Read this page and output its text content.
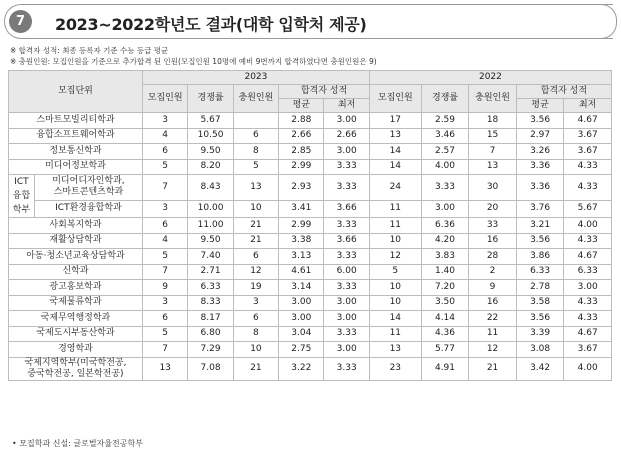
7	2023~2022학년도 결과(대학 입학처 제공)
※ 합격자 성적: 최종 등록자 기준 수능 등급 평균
※ 충원인원: 모집인원을 기준으로 추가합격 된 인원(모집인원 10명에 예비 9번까지 합격하였다면 충원인원은 9)
모집단위		2023					2022				
		모집인원	경쟁률	충원인원	합격자 성적		모집인원	경쟁률	충원인원	합격자 성적	
					평균	최저				평균	최저
스마트모빌리티학과		3	5.67		2.88	3.00	17	2.59	18	3.56	4.67
융합소프트웨어학과		4	10.50	6	2.66	2.66	13	3.46	15	2.97	3.67
정보통신학과		6	9.50	8	2.85	3.00	14	2.57	7	3.26	3.67
미디어정보학과		5	8.20	5	2.99	3.33	14	4.00	13	3.36	4.33
ICT
융합
학부	미디어디자인학과,
스마트콘텐츠학과	7	8.43	13	2.93	3.33	24	3.33	30	3.36	4.33
	ICT환경융합학과	3	10.00	10	3.41	3.66	11	3.00	20	3.76	5.67
사회복지학과		6	11.00	21	2.99	3.33	11	6.36	33	3.21	4.00
재활상담학과		4	9.50	21	3.38	3.66	10	4.20	16	3.56	4.33
아동·청소년교육상담학과		5	7.40	6	3.13	3.33	12	3.83	28	3.86	4.67
신학과		7	2.71	12	4.61	6.00	5	1.40	2	6.33	6.33
광고홍보학과		9	6.33	19	3.14	3.33	10	7.20	9	2.78	3.00
국제물류학과		3	8.33	3	3.00	3.00	10	3.50	16	3.58	4.33
국제무역행정학과		6	8.17	6	3.00	3.00	14	4.14	22	3.56	4.33
국제도시부동산학과		5	6.80	8	3.04	3.33	11	4.36	11	3.39	4.67
경영학과		7	7.29	10	2.75	3.00	13	5.77	12	3.08	3.67
국제지역학부(미국학전공,
중국학전공, 일본학전공)		13	7.08	21	3.22	3.33	23	4.91	21	3.42	4.00
• 모집학과 신설: 글로벌자율전공학부
